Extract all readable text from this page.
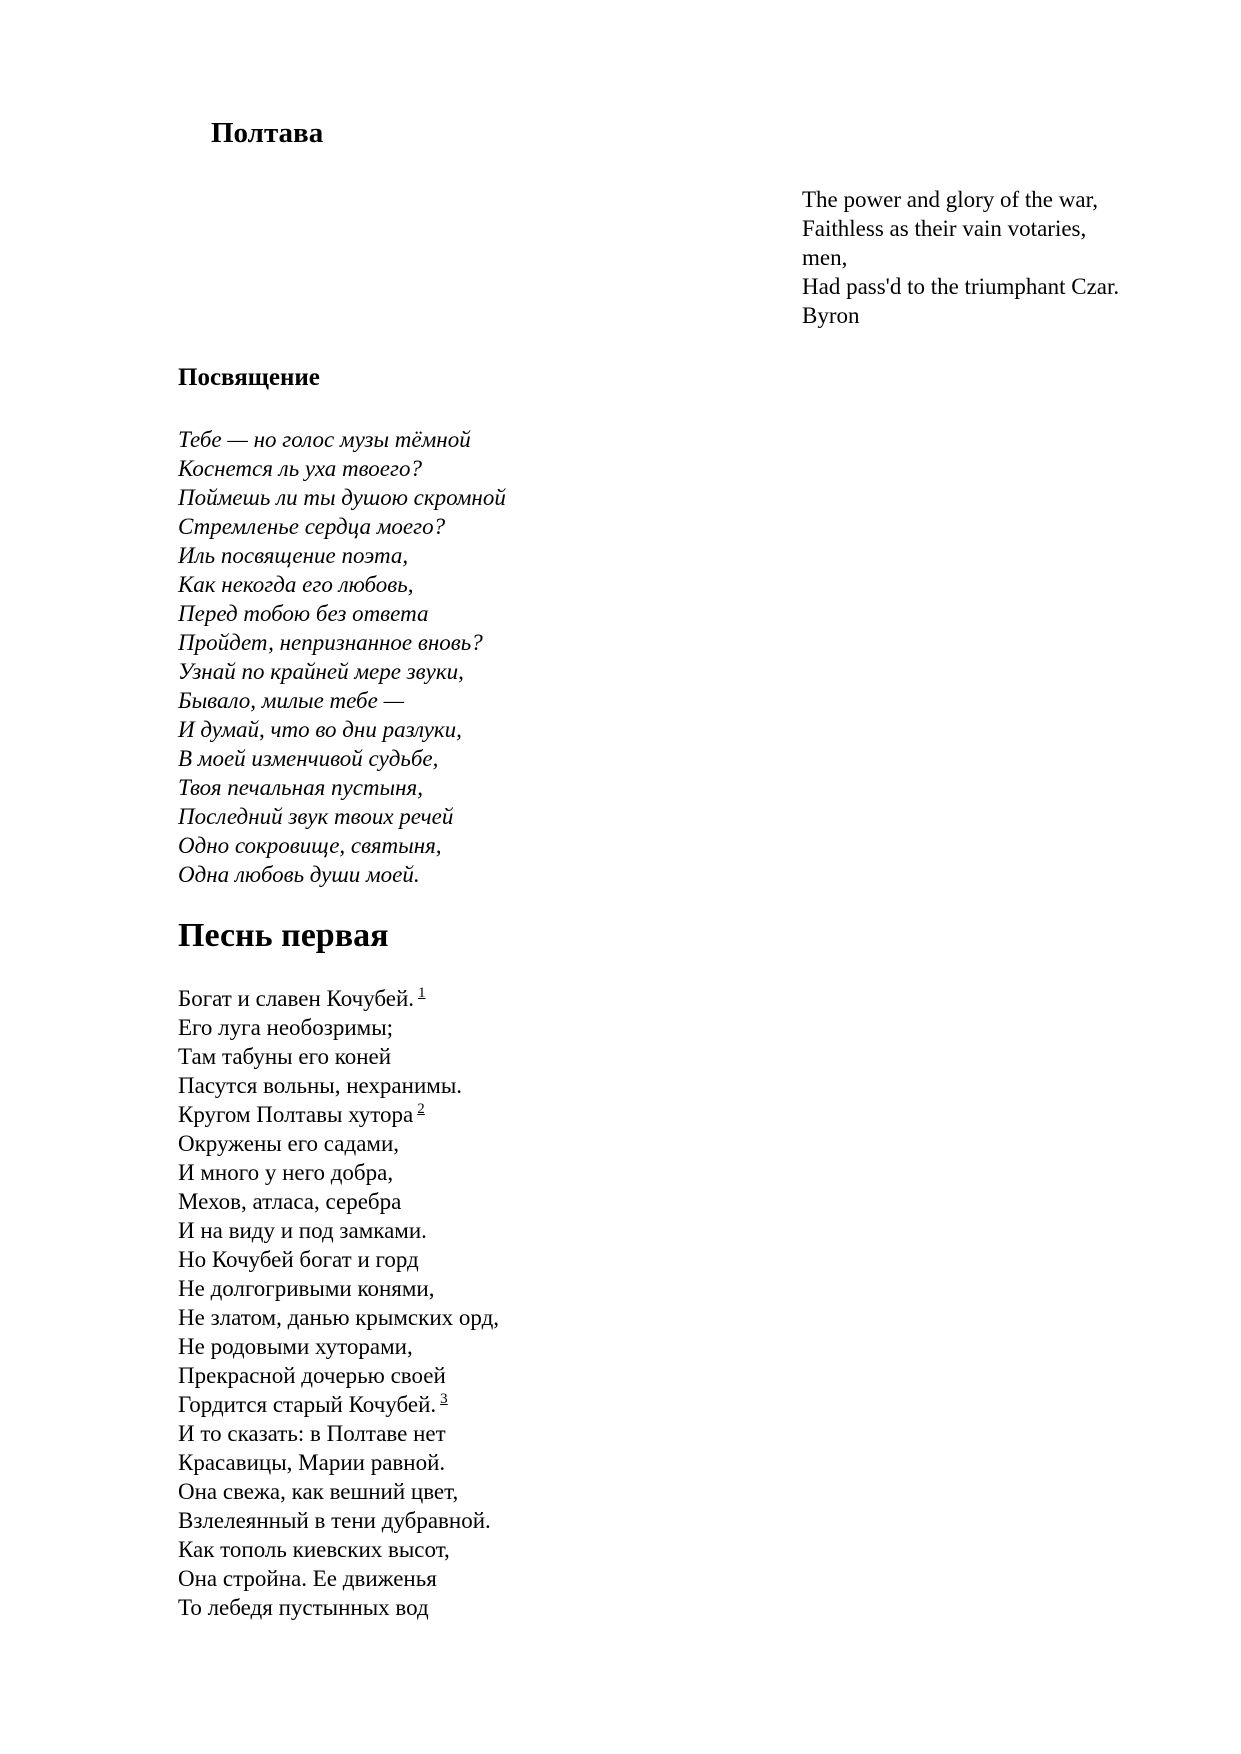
Полтава
The power and glory of the war,
Faithless as their vain votaries,
men,
Had pass'd to the triumphant Czar.
Byron
Посвящение
Тебе — но голос музы тёмной
Коснется ль уха твоего?
Поймешь ли ты душою скромной
Стремленье сердца моего?
Иль посвящение поэта,
Как некогда его любовь,
Перед тобою без ответа
Пройдет, непризнанное вновь?
Узнай по крайней мере звуки,
Бывало, милые тебе —
И думай, что во дни разлуки,
В моей изменчивой судьбе,
Твоя печальная пустыня,
Последний звук твоих речей
Одно сокровище, святыня,
Одна любовь души моей.
Песнь первая
Богат и славен Кочубей. $^1$
Его луга необозримы;
Там табуны его коней
Пасутся вольны, нехранимы.
Кругом Полтавы хутора $^2$
Окружены его садами,
И много у него добра,
Мехов, атласа, серебра
И на виду и под замками.
Но Кочубей богат и горд
Не долгогривыми конями,
Не златом, данью крымских орд,
Не родовыми хуторами,
Прекрасной дочерью своей
Гордится старый Кочубей. $^3$
И то сказать: в Полтаве нет
Красавицы, Марии равной.
Она свежа, как вешний цвет,
Взлелеянный в тени дубравной.
Как тополь киевских высот,
Она стройна. Ее движенья
То лебедя пустынных вод
